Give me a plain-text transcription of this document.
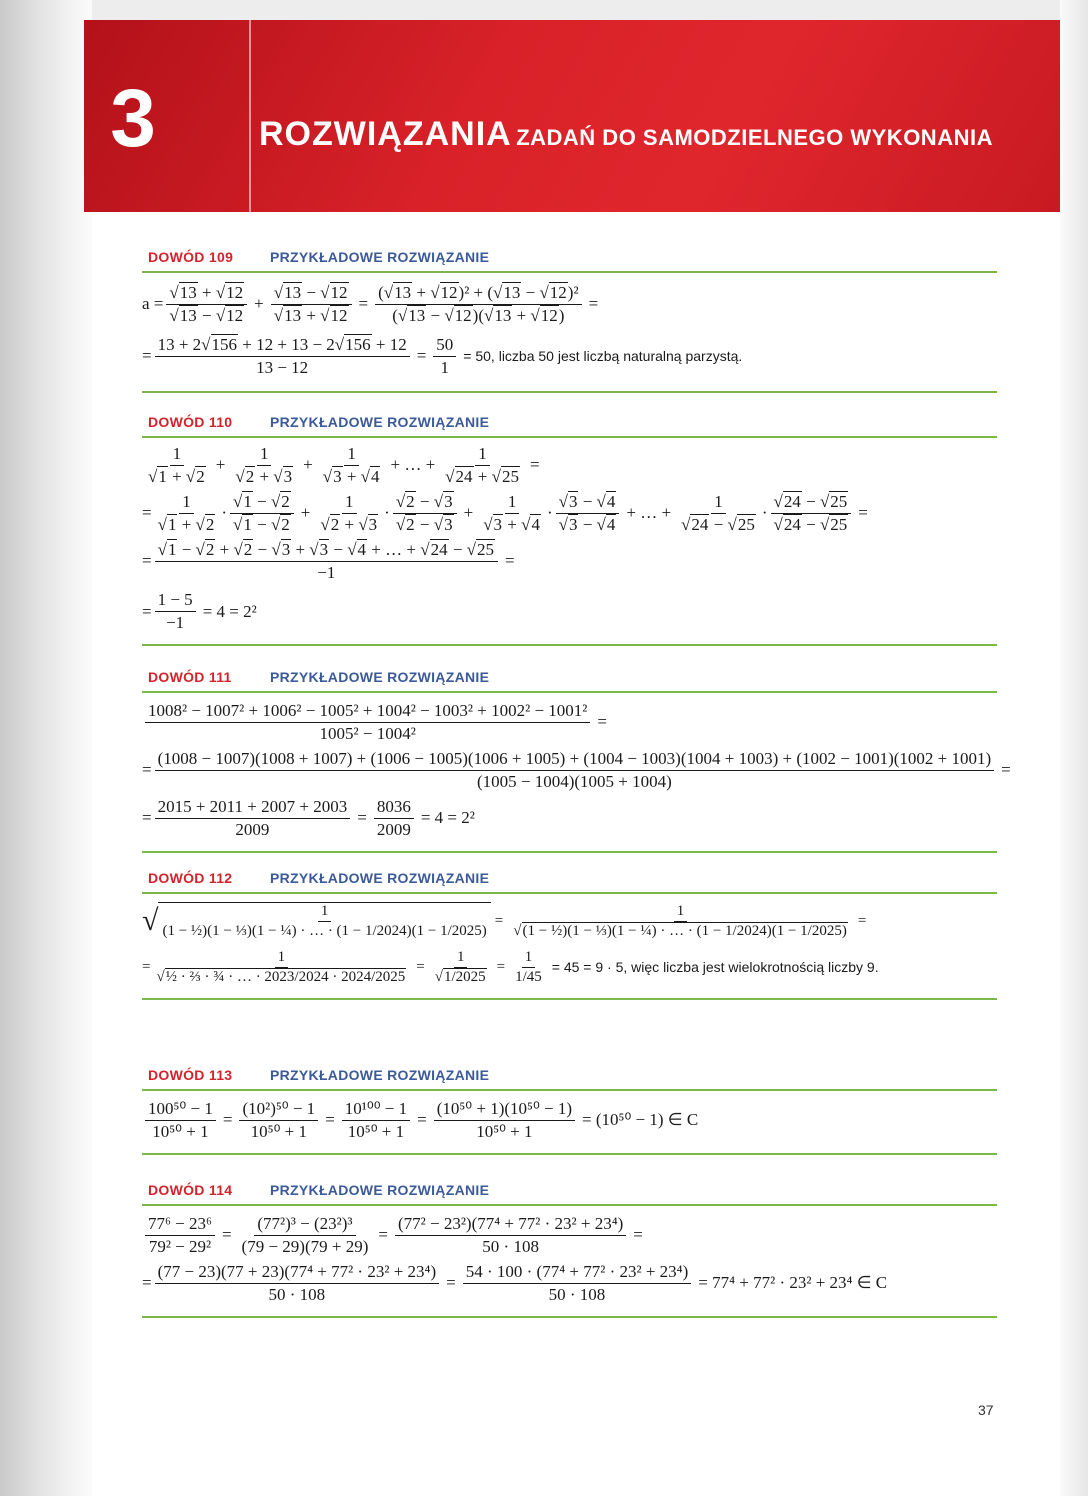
ROZWIĄZANIA ZADAŃ DO SAMODZIELNEGO WYKONANIA
3
DOWÓD 109	PRZYKŁADOWE ROZWIĄZANIE
$a = \frac{√13 + √12}{√13 - √12} + \frac{√13 - √12}{√13 + √12} = \frac{\text{(√13 + √12)² + (√13 − √12)²}}{(√13 - √12)(√13 + √12)}$ =
= $\frac{13 + 2√156 + 12 + 13 - 2√156 + 12}{13 - 12} = \frac{50}{1} = 50$, liczba 50 jest liczbą naturalną parzystą.
DOWÓD 110	PRZYKŁADOWE ROZWIĄZANIE
$\frac{1}{√1 + √2} + \frac{1}{√2 + √3} + \frac{1}{√3 + √4}$ + … + $\frac{1}{√24 + √25}$ =
= $\frac{1}{√1 + √2} \cdot \frac{√1 - √2}{√1 - √2} + \frac{1}{√2 + √3} \cdot \frac{√2 - √3}{√2 - √3} + \frac{1}{√3 + √4} \cdot \frac{√3 - √4}{√3 - √4}$ + … + $\frac{1}{√24 - √25} \cdot \frac{√24 - √25}{√24 - √25}$ =
= $\frac{√1 - √2 + √2 - √3 + √3 - √4 + \dots + √24 - √25}{-1}$ =
= $\frac{1 - 5}{-1} = 4 = 2^2$
DOWÓD 111	PRZYKŁADOWE ROZWIĄZANIE
1008² − 1007² + 1006² − 1005² + 1004² − 1003² + 1002² − 1001²
1005² − 1004²
=
=
(1008 − 1007)(1008 + 1007) + (1006 − 1005)(1006 + 1005) + (1004 − 1003)(1004 + 1003) + (1002 − 1001)(1002 + 1001)
(1005 − 1004)(1005 + 1004)
=
= $\frac{2015 + 2011 + 2007 + 2003}{2009} = \frac{8036}{2009} = 4 = 2^2$
DOWÓD 112	PRZYKŁADOWE ROZWIĄZANIE
√ $\frac{1}{\text{(1 − ½)(1 − ⅓)(1 − ¼) · … · (1 − 1/2024)(1 − 1/2025)}} = \frac{1}{\text{√(1 − ½)(1 − ⅓)(1 − ¼) · … · (1 − 1/2024)(1 − 1/2025)}}$ =
= $\frac{1}{\text{√½ · ⅔ · ¾ · … · 2023/2024 · 2024/2025}} = \frac{1}{√1/2025} = \frac{1}{1/45} = 45 = 9 \cdot 5$, więc liczba jest wielokrotnością liczby 9.
DOWÓD 113	PRZYKŁADOWE ROZWIĄZANIE
$\frac{\text{100⁵⁰ − 1}}{\text{10⁵⁰ + 1}} = \frac{\text{(10²)⁵⁰ − 1}}{\text{10⁵⁰ + 1}} = \frac{\text{10¹⁰⁰ − 1}}{\text{10⁵⁰ + 1}} = \frac{\text{(10⁵⁰ + 1)(10⁵⁰ − 1)}}{\text{10⁵⁰ + 1}} = (10^{50} - 1)$ ∈ C
DOWÓD 114	PRZYKŁADOWE ROZWIĄZANIE
$\frac{\text{77⁶ − 23⁶}}{\text{79² − 29²}} = \frac{\text{(77²)³ − (23²)³}}{(79 - 29)(79 + 29)} = \frac{\text{(77² − 23²)(77⁴ + 77² · 23² + 23⁴)}}{50 \cdot 108}$ =
= $\frac{\text{(77 − 23)(77 + 23)(77⁴ + 77² · 23² + 23⁴)}}{50 \cdot 108} = \frac{\text{54 · 100 · (77⁴ + 77² · 23² + 23⁴)}}{50 \cdot 108} = 77^4 + 77^2 \cdot 23^2 + 23^4$ ∈ C
37
